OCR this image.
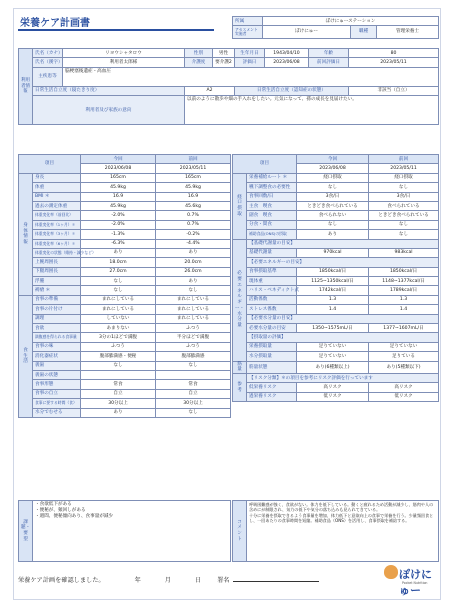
栄養ケア計画書	所属	ぽけにゅーステーション
アセスメント実施者	ぽけにゅー	職種	管理栄養士
利用者情報	氏名（カナ）	リヨウシャタロウ	性別	男性	生年月日	1943/04/10	年齢	80
	氏名（漢字）	利用者太郎様	介護度	要介護2	評価日	2023/06/08	前回評価日	2023/05/11
	主疾患等	脳梗塞後遺症・高血圧						

	日常生活自立度（寝たきり度）		A2		日常生活自立度（認知症の状態）			非該当（自立）
	利用者及び家族の意向		以前のように散歩や畑の手入れをしたい。元気になって、孫の成長を見届けたい。					
項目		今回	前回
		2023/06/08	2023/05/11
身体情報	身長	165cm	165cm
	体重	45.9kg	45.9kg
	BMI ＊	16.9	16.9
	過去の測定体重	45.9kg	45.6kg
	体重変化率（前回比）	-2.0%	0.7%
	体重変化率（1ヶ月）＊	-2.0%	0.7%
	体重変化率（3ヶ月）＊	-1.3%	-0.2%
	体重変化率（6ヶ月）＊	-6.3%	-4.4%
	体重変化の状態（維持・減少など）	あり	あり
	上腕周囲長	18.0cm	20.0cm
	下腿周囲長	27.0cm	26.0cm
	浮腫	なし	あり
	褥瘡 ＊	なし	なし
食生活	食事の準備	まれにしている	まれにしている
	食事の片付け	まれにしている	まれにしている
	調理	していない	まれにしている
	食欲	あまりない	ふつう
	満腹感を得られる食事量	3分の1ほどで満腹	半分ほどで満腹
	食事の味	ふつう	ふつう
	消化器症状	腹部膨満感・便秘	腹部膨満感
	義歯	なし	なし
	義歯の状態		
	食事形態	常食	常食
	食事の自立	自立	自立
	食事に要する時間（食）	30分以上	30分以上
	水分でむせる	あり	なし
項目		今回	前回
		2023/06/08	2023/05/11
経口摂取	栄養補給ルート ＊	経口摂取	経口摂取
	嚥下調整食の必要性	なし	なし
	食事回数/日	3食/日	3食/日
	主食　喫食	ときどき食べられている	食べられている
	副食　喫食	食べられない	ときどき食べられている
	分食・間食	なし	なし
	補助食品(ONS)の摂取	あり	なし
必要エネルギー・水分量	【基礎代謝量の目安】		
	基礎代謝量	970kcal	983kcal
	【必要エネルギーの目安】		
	食事摂取基準	1850kcal/日	1850kcal/日
	現体重	1125~1350kcal/日	1148~1377kcal/日
	ハリス・ベネディクト式	1742kcal/日	1789kcal/日
	活動係数	1.3	1.3
	ストレス係数	1.4	1.4
	【必要水分量の目安】		
	必要水分量の目安	1350~1575mL/日	1377~1607mL/日
	【摂取量の評価】		
	栄養摂取量	足りていない	足りていない
	水分摂取量	足りていない	足りている
筋量	筋量状態	あり(6種類以上)	あり(5種類以下)
参考	【リスク分類】＊の項目を参考にリスク評価を行っています		
	低栄養リスク	高リスク	高リスク
	過栄養リスク	低リスク	低リスク
課題・要望	・食欲低下がある
・便秘が、頻回しがある
・週間、便秘傾向あり、食事量が減少
コメント	呼吸困難感が強く、食欲がない。体力を低下している。動くと疲れるため活動が減少し、筋肉や人の含めにが制限され、気力の低下や気分の落ち込みも見られてきている。
十分に栄養を摂取できるよう食事量を増加、体力低下と意欲向上の食事で栄養を行う。少量頻回食とし、一回あたりの食事時間を短縮。補助食品（ONS）を活用し、食事摂取を補給する。
栄養ケア計画を確認しました。	年	月	日	署名	ぽけにゅー
Pocket Nutrition
